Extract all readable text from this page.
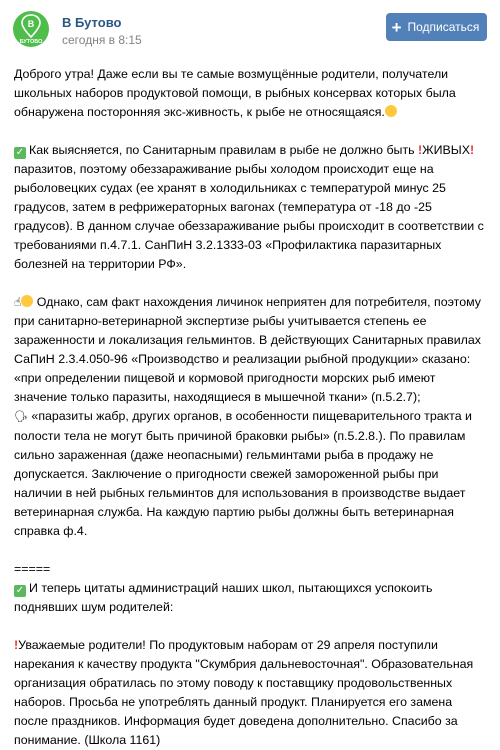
В
БУТОВО
В Бутово
сегодня в 8:15
+ Подписаться

Доброго утра! Даже если вы те самые возмущённые родители, получатели школьных наборов продуктовой помощи, в рыбных консервах которых была обнаружена посторонняя экс-живность, к рыбе не относящаяся.

✓ Как выясняется, по Санитарным правилам в рыбе не должно быть !ЖИВЫХ! паразитов, поэтому обеззараживание рыбы холодом происходит еще на рыболовецких судах (ее хранят в холодильниках с температурой минус 25 градусов, затем в рефрижераторных вагонах (температура от -18 до -25 градусов). В данном случае обеззараживание рыбы происходит в соответствии с требованиями п.4.7.1. СанПиН 3.2.1333-03 «Профилактика паразитарных болезней на территории РФ».

☝ Однако, сам факт нахождения личинок неприятен для потребителя, поэтому при санитарно-ветеринарной экспертизе рыбы учитывается степень ее зараженности и локализация гельминтов. В действующих Санитарных правилах СаПиН 2.3.4.050-96 «Производство и реализации рыбной продукции» сказано: «при определении пищевой и кормовой пригодности морских рыб имеют значение только паразиты, находящиеся в мышечной ткани» (п.5.2.7);

🗣 «паразиты жабр, других органов, в особенности пищеварительного тракта и полости тела не могут быть причиной браковки рыбы» (п.5.2.8.). По правилам сильно зараженная (даже неопасными) гельминтами рыба в продажу не допускается. Заключение о пригодности свежей замороженной рыбы при наличии в ней рыбных гельминтов для использования в производстве выдает ветеринарная служба. На каждую партию рыбы должны быть ветеринарная справка ф.4.

=====

✓ И теперь цитаты администраций наших школ, пытающихся успокоить поднявших шум родителей:

!Уважаемые родители! По продуктовым наборам от 29 апреля поступили нарекания к качеству продукта "Скумбрия дальневосточная". Образовательная организация обратилась по этому поводу к поставщику продовольственных наборов. Просьба не употреблять данный продукт. Планируется его замена после праздников. Информация будет доведена дополнительно. Спасибо за понимание. (Школа 1161)
